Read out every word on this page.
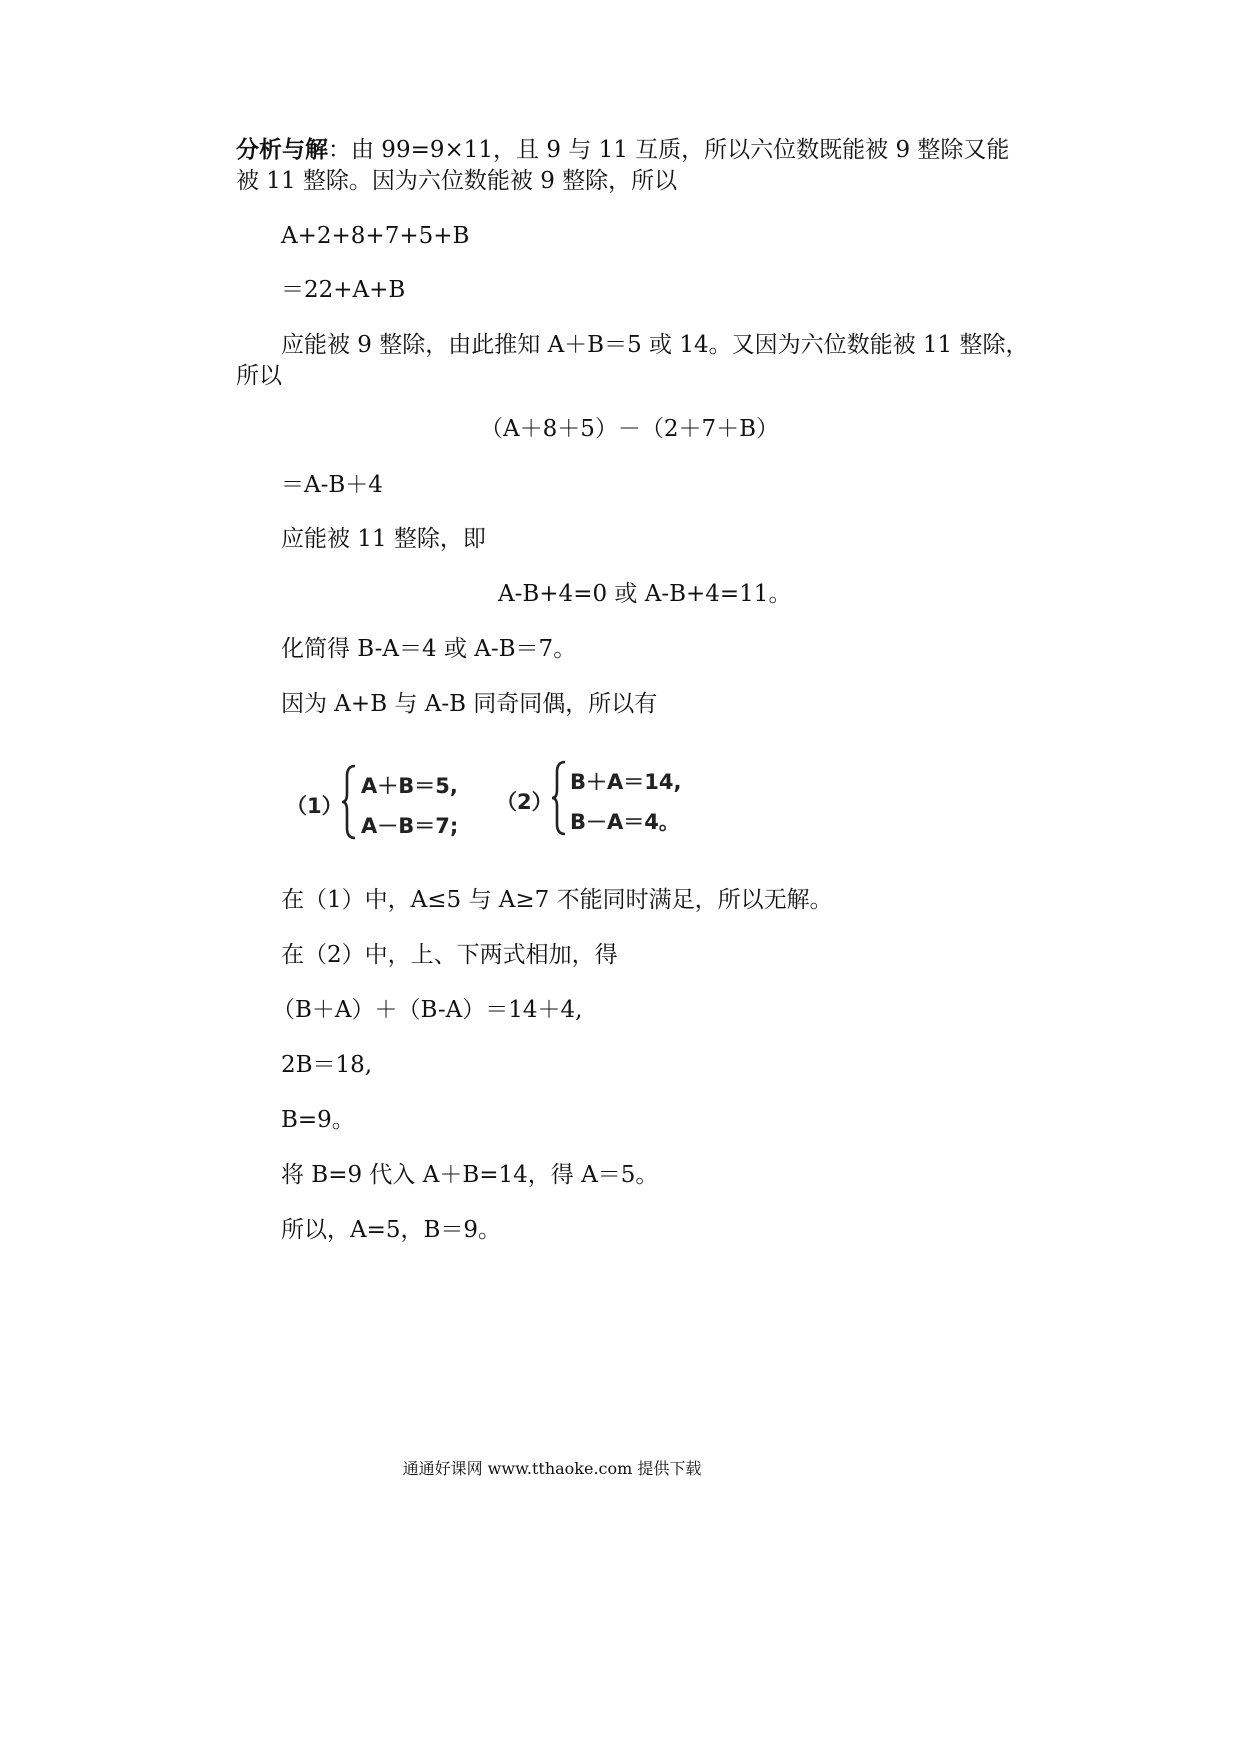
分析与解：由 99=9×11，且 9 与 11 互质，所以六位数既能被 9 整除又能
被 11 整除。因为六位数能被 9 整除，所以
A+2+8+7+5+B
＝22+A+B
应能被 9 整除，由此推知 A＋B＝5 或 14。又因为六位数能被 11 整除，
所以
（A＋8＋5）－（2＋7＋B）
＝A-B＋4
应能被 11 整除，即
A-B+4=0 或 A-B+4=11。
化简得 B-A＝4 或 A-B＝7。
因为 A+B 与 A-B 同奇同偶，所以有
（1）
A＋B＝5,
A－B＝7;
（2）
B＋A＝14,
B－A＝4。
在（1）中，A≤5 与 A≥7 不能同时满足，所以无解。
在（2）中，上、下两式相加，得
（B＋A）＋（B-A）＝14＋4,
2B＝18,
B=9。
将 B=9 代入 A＋B=14，得 A＝5。
所以，A=5，B＝9。
通通好课网 www.tthaoke.com 提供下载
